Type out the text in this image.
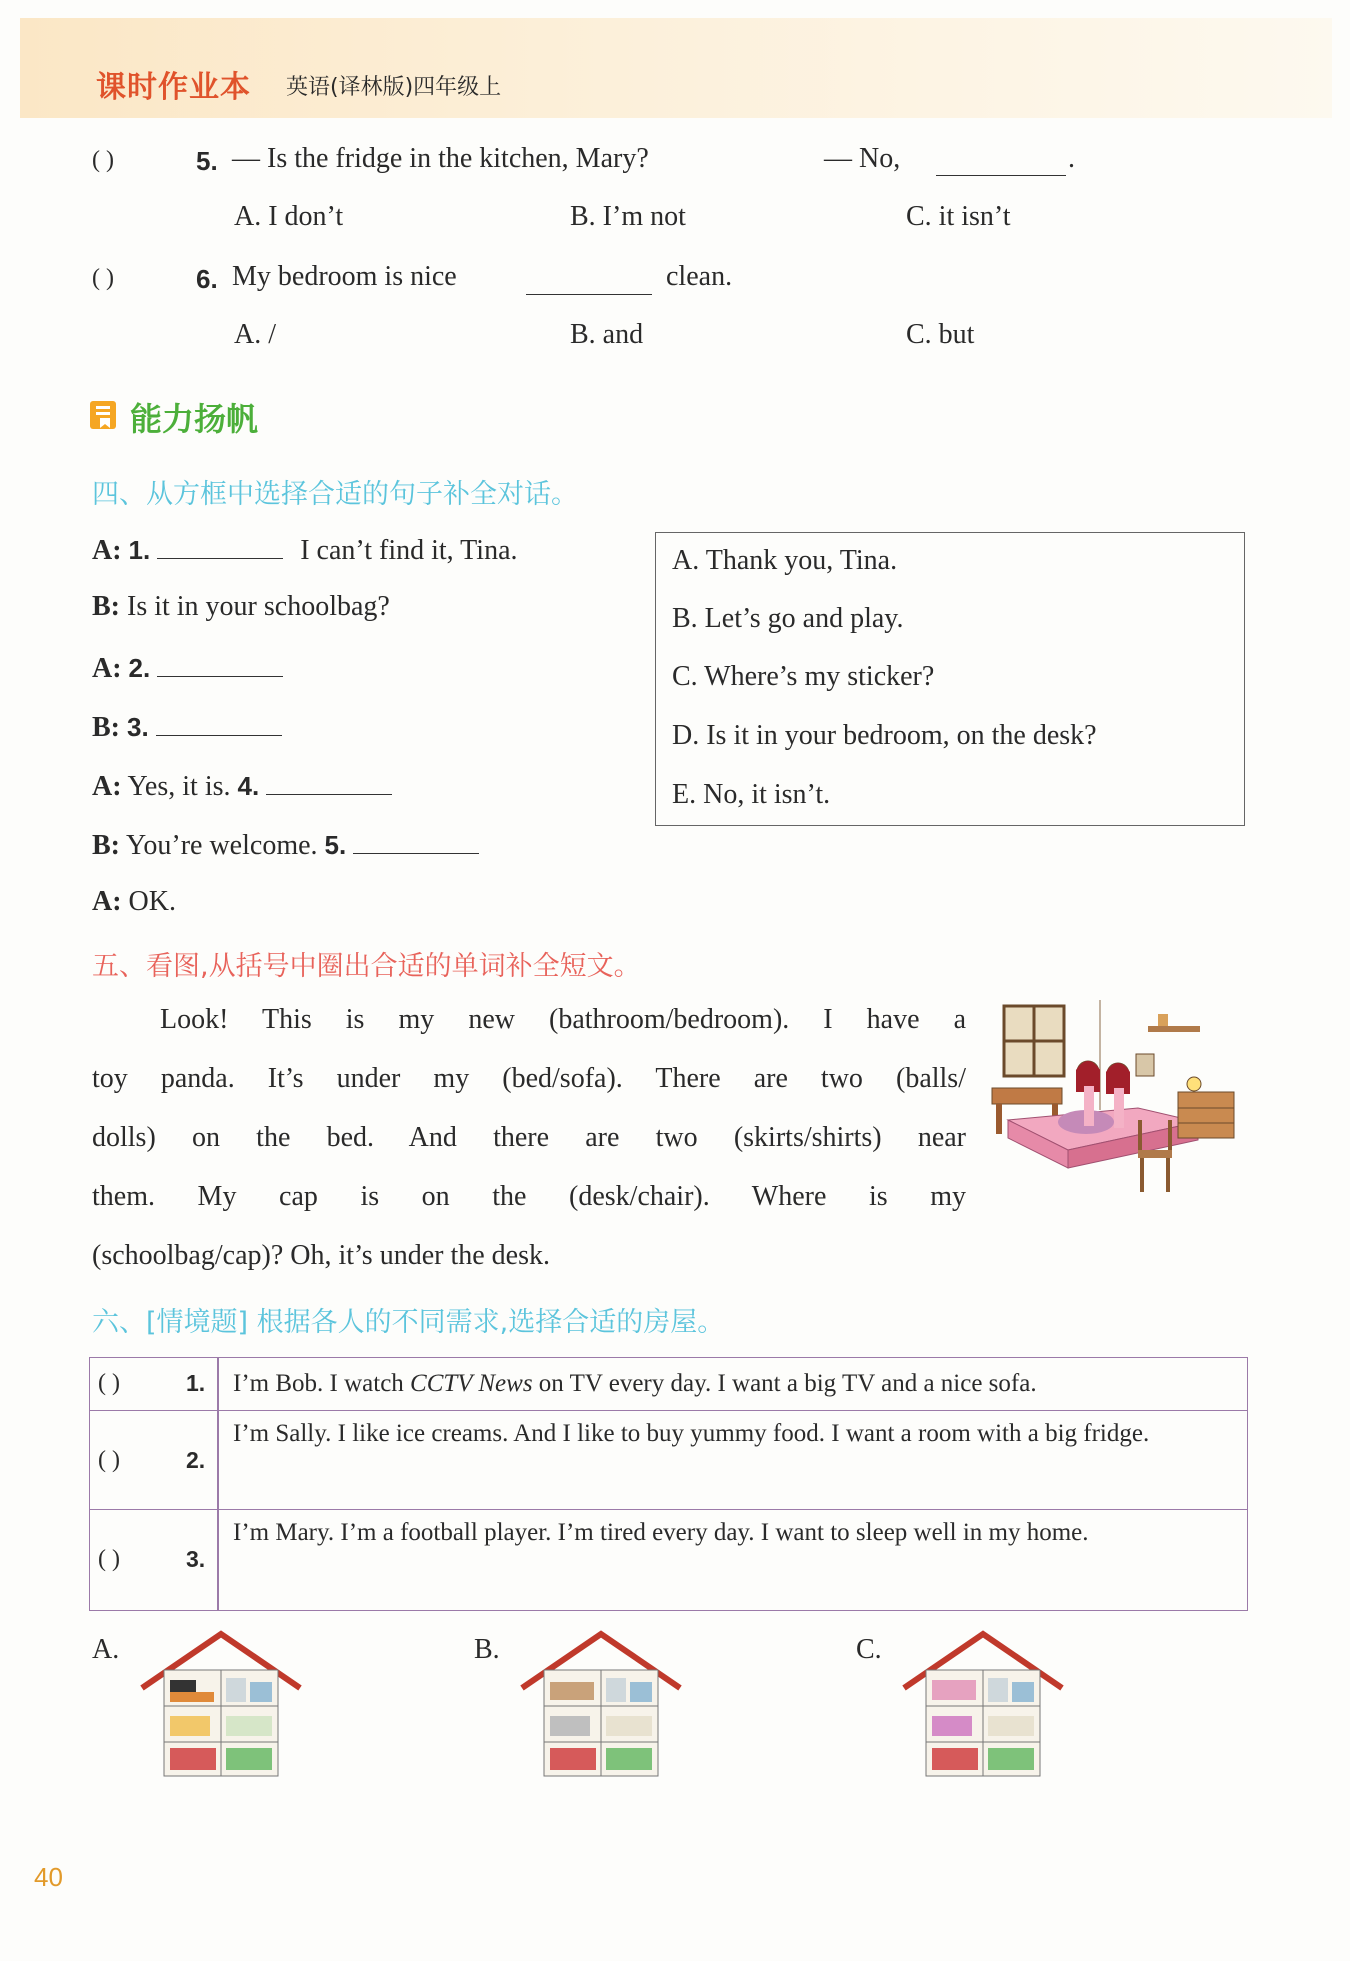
课时作业本 英语(译林版)四年级上
( )	5. — Is the fridge in the kitchen, Mary?	— No,	.
A. I don’t	B. I’m not	C. it isn’t
( )	6. My bedroom is nice	clean.
A. /	B. and	C. but
能力扬帆
四、从方框中选择合适的句子补全对话。
A: 1.	I can’t find it, Tina.
B: Is it in your schoolbag?
A: 2.
B: 3.
A: Yes, it is. 4.
B: You’re welcome. 5.
A: OK.
A. Thank you, Tina.
B. Let’s go and play.
C. Where’s my sticker?
D. Is it in your bedroom, on the desk?
E. No, it isn’t.
五、看图,从括号中圈出合适的单词补全短文。
Look! This is my new (bathroom/bedroom). I have a
toy panda. It’s under my (bed/sofa). There are two (balls/
dolls) on the bed. And there are two (skirts/shirts) near
them. My cap is on the (desk/chair). Where is my
(schoolbag/cap)? Oh, it’s under the desk.
六、[情境题] 根据各人的不同需求,选择合适的房屋。
( )	1. I’m Bob. I watch CCTV News on TV every day. I want a big TV and a nice sofa.
( )	2.
I’m Sally. I like ice creams. And I like to buy yummy food. I want a room with a big fridge.
( )	3.
I’m Mary. I’m a football player. I’m tired every day. I want to sleep well in my home.
A.	B.	C.
40
